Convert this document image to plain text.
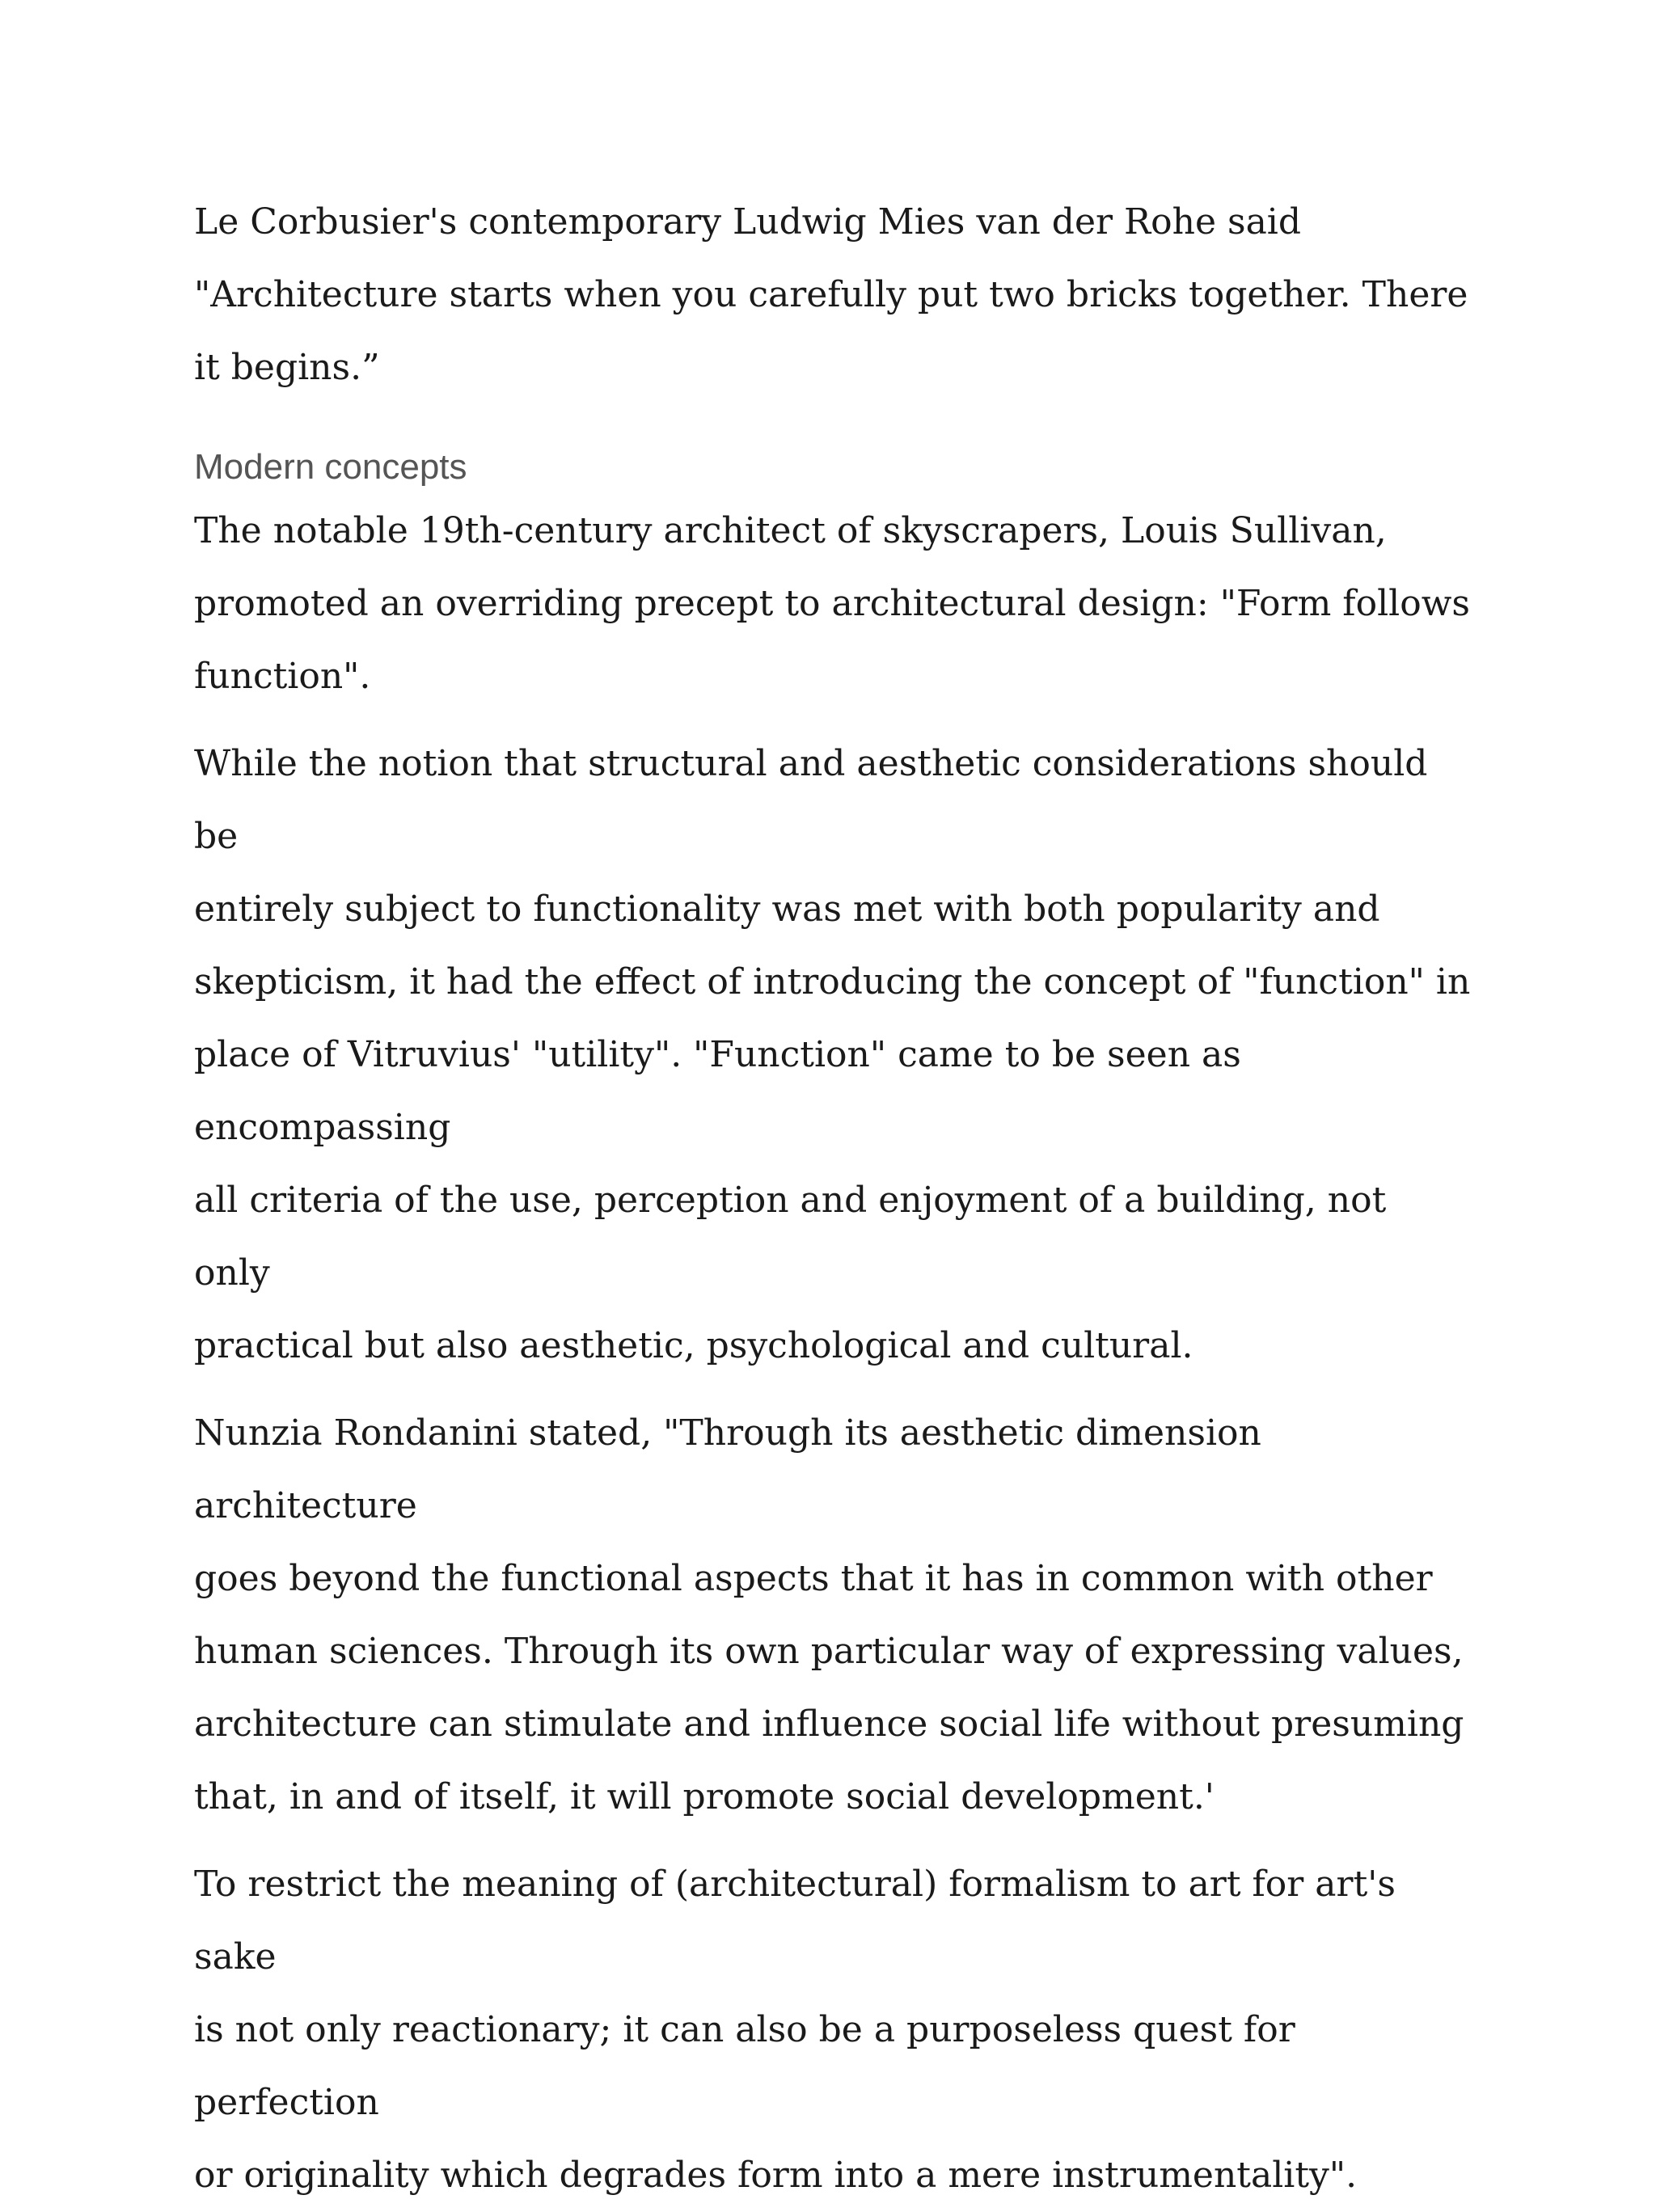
Le Corbusier's contemporary Ludwig Mies van der Rohe said
"Architecture starts when you carefully put two bricks together. There
it begins.”

Modern concepts

The notable 19th-century architect of skyscrapers, Louis Sullivan,
promoted an overriding precept to architectural design: "Form follows
function".

While the notion that structural and aesthetic considerations should be
entirely subject to functionality was met with both popularity and
skepticism, it had the effect of introducing the concept of "function" in
place of Vitruvius' "utility". "Function" came to be seen as encompassing
all criteria of the use, perception and enjoyment of a building, not only
practical but also aesthetic, psychological and cultural.

Nunzia Rondanini stated, "Through its aesthetic dimension architecture
goes beyond the functional aspects that it has in common with other
human sciences. Through its own particular way of expressing values,
architecture can stimulate and influence social life without presuming
that, in and of itself, it will promote social development.'

To restrict the meaning of (architectural) formalism to art for art's sake
is not only reactionary; it can also be a purposeless quest for perfection
or originality which degrades form into a mere instrumentality".
